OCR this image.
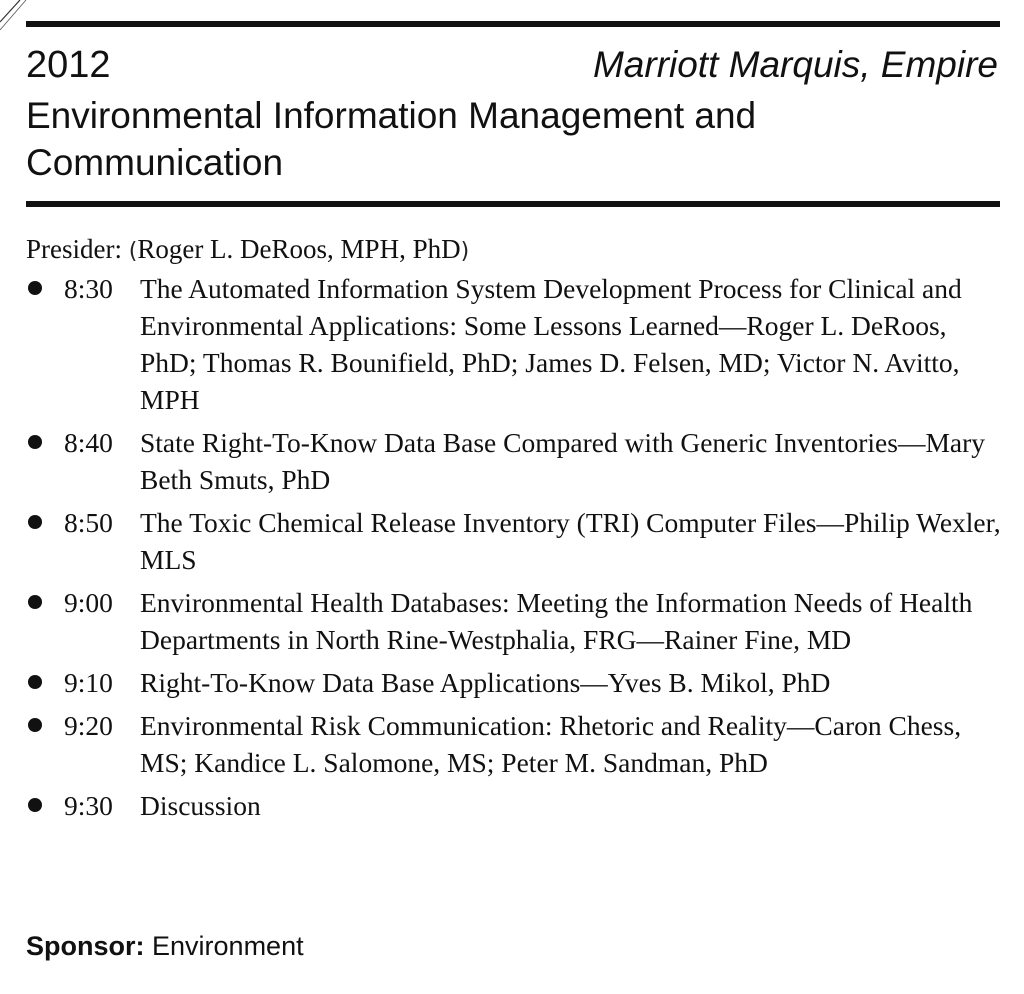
2012	Marriott Marquis, Empire
Environmental Information Management and Communication
Presider: (Roger L. DeRoos, MPH, PhD)
8:30 The Automated Information System Development Process for Clinical and Environmental Applications: Some Lessons Learned—Roger L. DeRoos, PhD; Thomas R. Bounifield, PhD; James D. Felsen, MD; Victor N. Avitto, MPH
8:40 State Right-To-Know Data Base Compared with Generic Inventories—Mary Beth Smuts, PhD
8:50 The Toxic Chemical Release Inventory (TRI) Computer Files—Philip Wexler, MLS
9:00 Environmental Health Databases: Meeting the Information Needs of Health Departments in North Rine-Westphalia, FRG—Rainer Fine, MD
9:10 Right-To-Know Data Base Applications—Yves B. Mikol, PhD
9:20 Environmental Risk Communication: Rhetoric and Reality—Caron Chess, MS; Kandice L. Salomone, MS; Peter M. Sandman, PhD
9:30 Discussion
Sponsor: Environment
